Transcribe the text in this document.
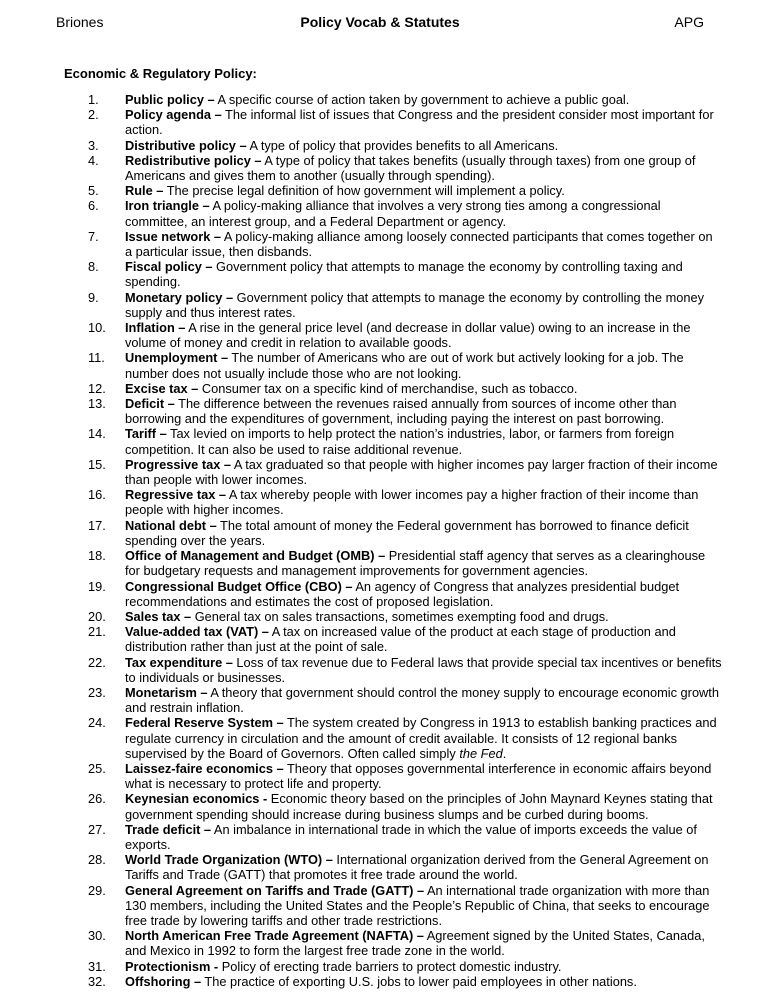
Briones	Policy Vocab & Statutes	APG
Economic & Regulatory Policy:
1.	Public policy – A specific course of action taken by government to achieve a public goal.
2.	Policy agenda – The informal list of issues that Congress and the president consider most important for action.
3.	Distributive policy – A type of policy that provides benefits to all Americans.
4.	Redistributive policy – A type of policy that takes benefits (usually through taxes) from one group of Americans and gives them to another (usually through spending).
5.	Rule – The precise legal definition of how government will implement a policy.
6.	Iron triangle – A policy-making alliance that involves a very strong ties among a congressional committee, an interest group, and a Federal Department or agency.
7.	Issue network – A policy-making alliance among loosely connected participants that comes together on a particular issue, then disbands.
8.	Fiscal policy – Government policy that attempts to manage the economy by controlling taxing and spending.
9.	Monetary policy – Government policy that attempts to manage the economy by controlling the money supply and thus interest rates.
10. Inflation – A rise in the general price level (and decrease in dollar value) owing to an increase in the volume of money and credit in relation to available goods.
11. Unemployment – The number of Americans who are out of work but actively looking for a job. The number does not usually include those who are not looking.
12. Excise tax – Consumer tax on a specific kind of merchandise, such as tobacco.
13. Deficit – The difference between the revenues raised annually from sources of income other than borrowing and the expenditures of government, including paying the interest on past borrowing.
14. Tariff – Tax levied on imports to help protect the nation’s industries, labor, or farmers from foreign competition. It can also be used to raise additional revenue.
15. Progressive tax – A tax graduated so that people with higher incomes pay larger fraction of their income than people with lower incomes.
16. Regressive tax – A tax whereby people with lower incomes pay a higher fraction of their income than people with higher incomes.
17. National debt – The total amount of money the Federal government has borrowed to finance deficit spending over the years.
18. Office of Management and Budget (OMB) – Presidential staff agency that serves as a clearinghouse for budgetary requests and management improvements for government agencies.
19. Congressional Budget Office (CBO) – An agency of Congress that analyzes presidential budget recommendations and estimates the cost of proposed legislation.
20. Sales tax – General tax on sales transactions, sometimes exempting food and drugs.
21. Value-added tax (VAT) – A tax on increased value of the product at each stage of production and distribution rather than just at the point of sale.
22. Tax expenditure – Loss of tax revenue due to Federal laws that provide special tax incentives or benefits to individuals or businesses.
23. Monetarism – A theory that government should control the money supply to encourage economic growth and restrain inflation.
24. Federal Reserve System – The system created by Congress in 1913 to establish banking practices and regulate currency in circulation and the amount of credit available. It consists of 12 regional banks supervised by the Board of Governors. Often called simply the Fed.
25. Laissez-faire economics – Theory that opposes governmental interference in economic affairs beyond what is necessary to protect life and property.
26. Keynesian economics - Economic theory based on the principles of John Maynard Keynes stating that government spending should increase during business slumps and be curbed during booms.
27. Trade deficit – An imbalance in international trade in which the value of imports exceeds the value of exports.
28. World Trade Organization (WTO) – International organization derived from the General Agreement on Tariffs and Trade (GATT) that promotes it free trade around the world.
29. General Agreement on Tariffs and Trade (GATT) – An international trade organization with more than 130 members, including the United States and the People’s Republic of China, that seeks to encourage free trade by lowering tariffs and other trade restrictions.
30. North American Free Trade Agreement (NAFTA) – Agreement signed by the United States, Canada, and Mexico in 1992 to form the largest free trade zone in the world.
31. Protectionism - Policy of erecting trade barriers to protect domestic industry.
32. Offshoring – The practice of exporting U.S. jobs to lower paid employees in other nations.
